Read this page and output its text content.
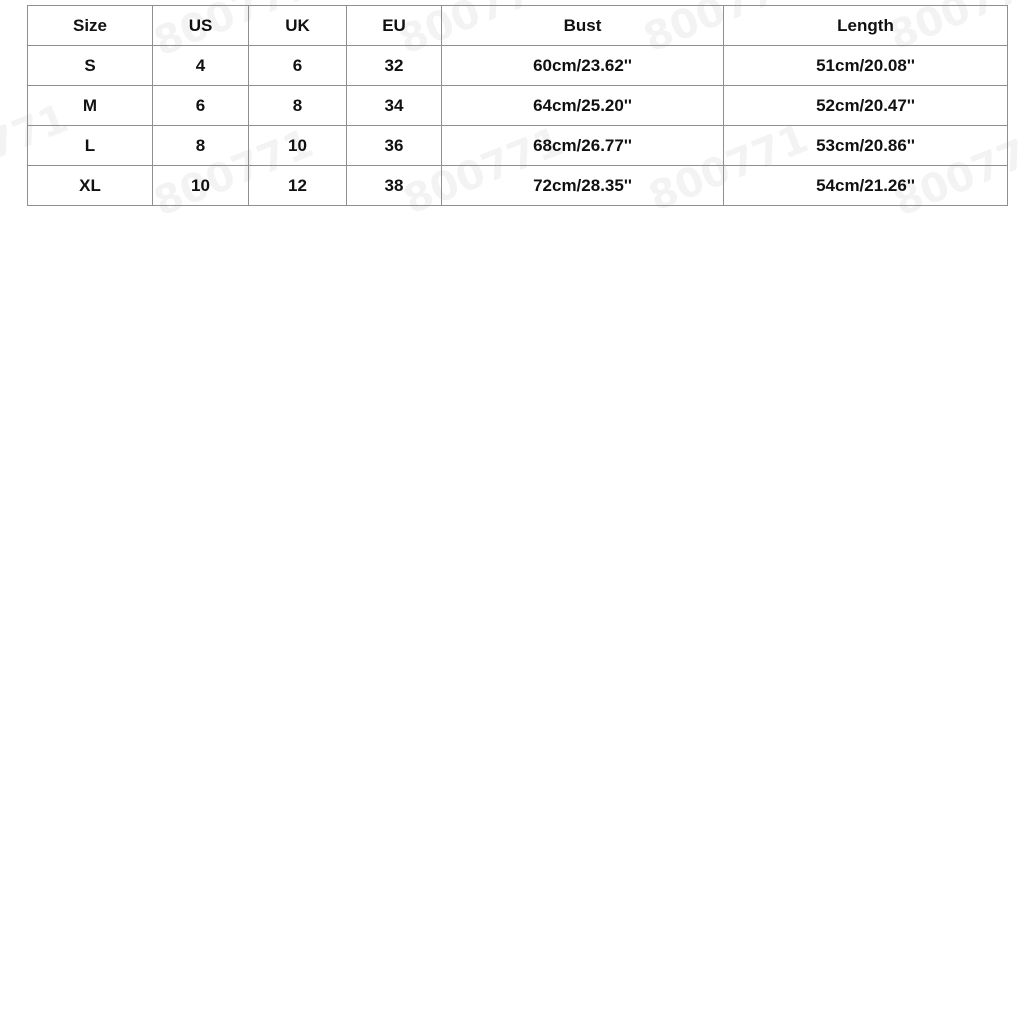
Size	US	UK	EU	Bust	Length
S	4	6	32	60cm/23.62''	51cm/20.08''
M	6	8	34	64cm/25.20''	52cm/20.47''
L	8	10	36	68cm/26.77''	53cm/20.86''
XL	10	12	38	72cm/28.35''	54cm/21.26''
